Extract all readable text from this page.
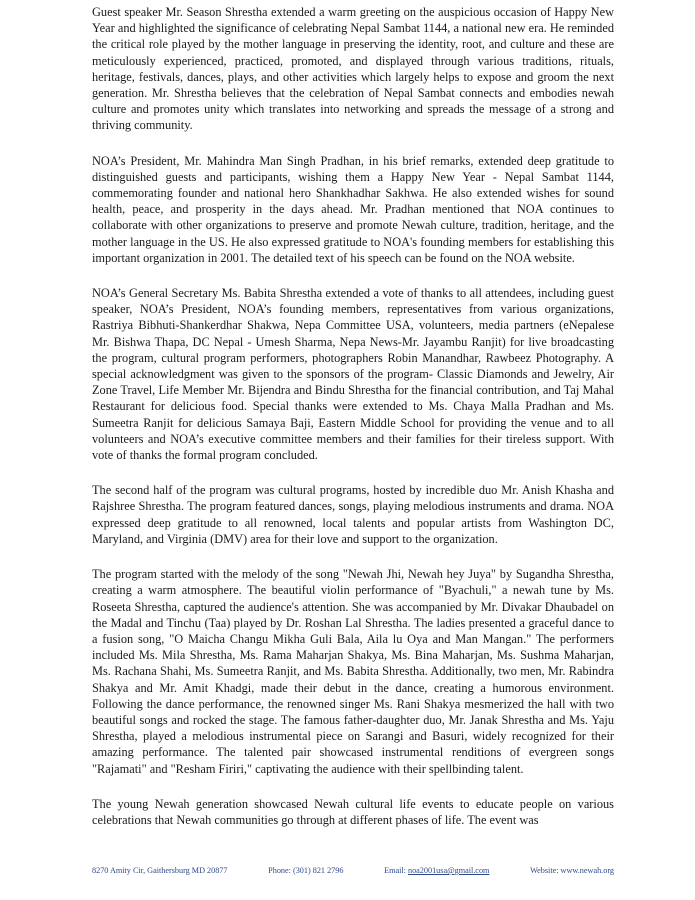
Guest speaker Mr. Season Shrestha extended a warm greeting on the auspicious occasion of Happy New Year and highlighted the significance of celebrating Nepal Sambat 1144, a national new era. He reminded the critical role played by the mother language in preserving the identity, root, and culture and these are meticulously experienced, practiced, promoted, and displayed through various traditions, rituals, heritage, festivals, dances, plays, and other activities which largely helps to expose and groom the next generation. Mr. Shrestha believes that the celebration of Nepal Sambat connects and embodies newah culture and promotes unity which translates into networking and spreads the message of a strong and thriving community.

NOA’s President, Mr. Mahindra Man Singh Pradhan, in his brief remarks, extended deep gratitude to distinguished guests and participants, wishing them a Happy New Year - Nepal Sambat 1144, commemorating founder and national hero Shankhadhar Sakhwa. He also extended wishes for sound health, peace, and prosperity in the days ahead. Mr. Pradhan mentioned that NOA continues to collaborate with other organizations to preserve and promote Newah culture, tradition, heritage, and the mother language in the US. He also expressed gratitude to NOA's founding members for establishing this important organization in 2001. The detailed text of his speech can be found on the NOA website.

NOA’s General Secretary Ms. Babita Shrestha extended a vote of thanks to all attendees, including guest speaker, NOA’s President, NOA’s founding members, representatives from various organizations, Rastriya Bibhuti-Shankerdhar Shakwa, Nepa Committee USA, volunteers, media partners (eNepalese Mr. Bishwa Thapa, DC Nepal - Umesh Sharma, Nepa News-Mr. Jayambu Ranjit) for live broadcasting the program, cultural program performers, photographers Robin Manandhar, Rawbeez Photography. A special acknowledgment was given to the sponsors of the program- Classic Diamonds and Jewelry, Air Zone Travel, Life Member Mr. Bijendra and Bindu Shrestha for the financial contribution, and Taj Mahal Restaurant for delicious food. Special thanks were extended to Ms. Chaya Malla Pradhan and Ms. Sumeetra Ranjit for delicious Samaya Baji, Eastern Middle School for providing the venue and to all volunteers and NOA’s executive committee members and their families for their tireless support. With vote of thanks the formal program concluded.

The second half of the program was cultural programs, hosted by incredible duo Mr. Anish Khasha and Rajshree Shrestha. The program featured dances, songs, playing melodious instruments and drama. NOA expressed deep gratitude to all renowned, local talents and popular artists from Washington DC, Maryland, and Virginia (DMV) area for their love and support to the organization.

The program started with the melody of the song "Newah Jhi, Newah hey Juya" by Sugandha Shrestha, creating a warm atmosphere. The beautiful violin performance of "Byachuli," a newah tune by Ms. Roseeta Shrestha, captured the audience's attention. She was accompanied by Mr. Divakar Dhaubadel on the Madal and Tinchu (Taa) played by Dr. Roshan Lal Shrestha. The ladies presented a graceful dance to a fusion song, "O Maicha Changu Mikha Guli Bala, Aila lu Oya and Man Mangan." The performers included Ms. Mila Shrestha, Ms. Rama Maharjan Shakya, Ms. Bina Maharjan, Ms. Sushma Maharjan, Ms. Rachana Shahi, Ms. Sumeetra Ranjit, and Ms. Babita Shrestha. Additionally, two men, Mr. Rabindra Shakya and Mr. Amit Khadgi, made their debut in the dance, creating a humorous environment. Following the dance performance, the renowned singer Ms. Rani Shakya mesmerized the hall with two beautiful songs and rocked the stage. The famous father-daughter duo, Mr. Janak Shrestha and Ms. Yaju Shrestha, played a melodious instrumental piece on Sarangi and Basuri, widely recognized for their amazing performance. The talented pair showcased instrumental renditions of evergreen songs "Rajamati" and "Resham Firiri," captivating the audience with their spellbinding talent.

The young Newah generation showcased Newah cultural life events to educate people on various celebrations that Newah communities go through at different phases of life. The event was

8270 Amity Cir, Gaithersburg MD 20877	Phone: (301) 821 2796	Email: noa2001usa@gmail.com	Website: www.newah.org
